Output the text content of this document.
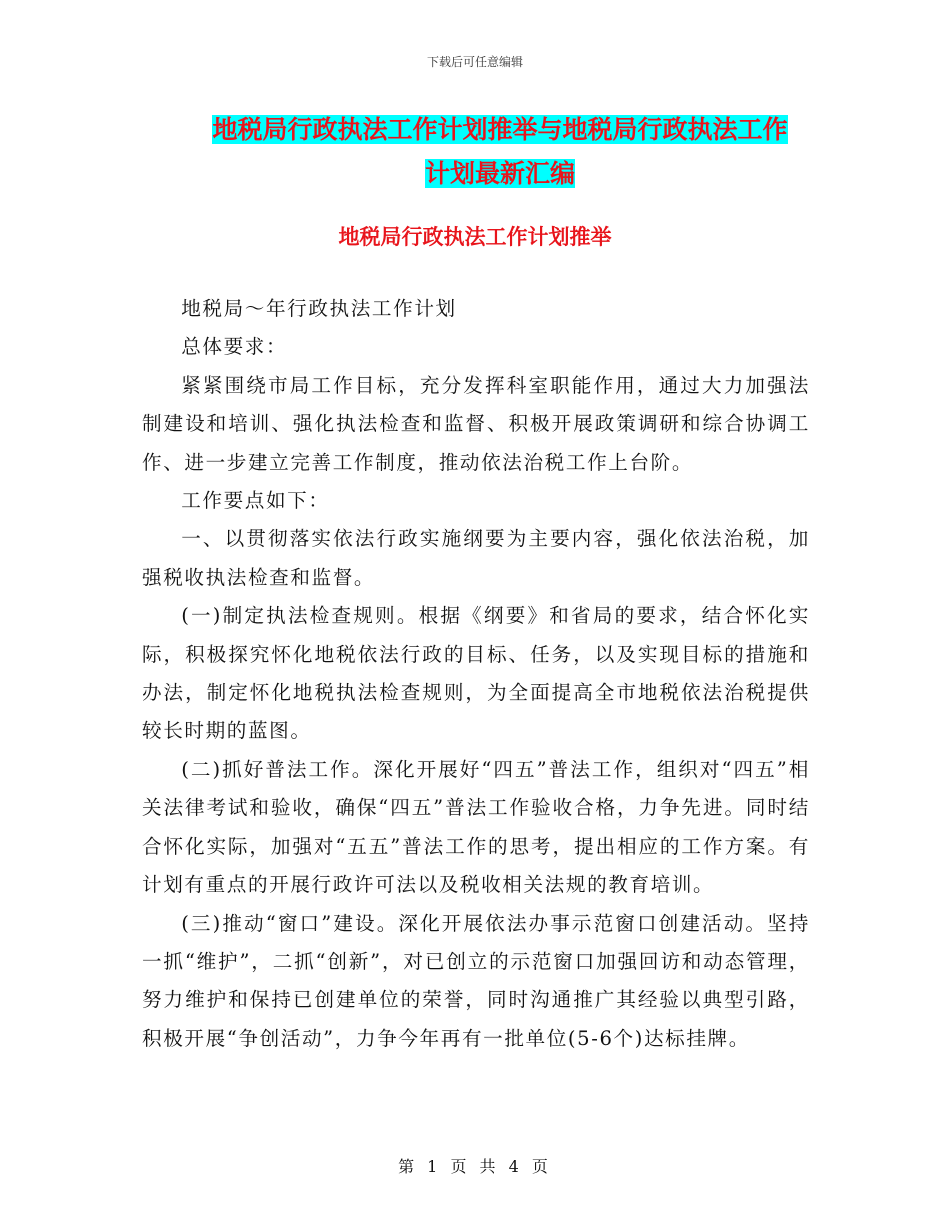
下载后可任意编辑
地税局行政执法工作计划推举与地税局行政执法工作
计划最新汇编
地税局行政执法工作计划推举

地税局～年行政执法工作计划

总体要求：

紧紧围绕市局工作目标，充分发挥科室职能作用，通过大力加强法制建设和培训、强化执法检查和监督、积极开展政策调研和综合协调工作、进一步建立完善工作制度，推动依法治税工作上台阶。

工作要点如下：

一、以贯彻落实依法行政实施纲要为主要内容，强化依法治税，加强税收执法检查和监督。

(一)制定执法检查规则。根据《纲要》和省局的要求，结合怀化实际，积极探究怀化地税依法行政的目标、任务，以及实现目标的措施和办法，制定怀化地税执法检查规则，为全面提高全市地税依法治税提供较长时期的蓝图。

(二)抓好普法工作。深化开展好“四五”普法工作，组织对“四五”相关法律考试和验收，确保“四五”普法工作验收合格，力争先进。同时结合怀化实际，加强对“五五”普法工作的思考，提出相应的工作方案。有计划有重点的开展行政许可法以及税收相关法规的教育培训。

(三)推动“窗口”建设。深化开展依法办事示范窗口创建活动。坚持一抓“维护”，二抓“创新”，对已创立的示范窗口加强回访和动态管理，努力维护和保持已创建单位的荣誉，同时沟通推广其经验以典型引路，积极开展“争创活动”，力争今年再有一批单位(5-6个)达标挂牌。

第 1 页 共 4 页
